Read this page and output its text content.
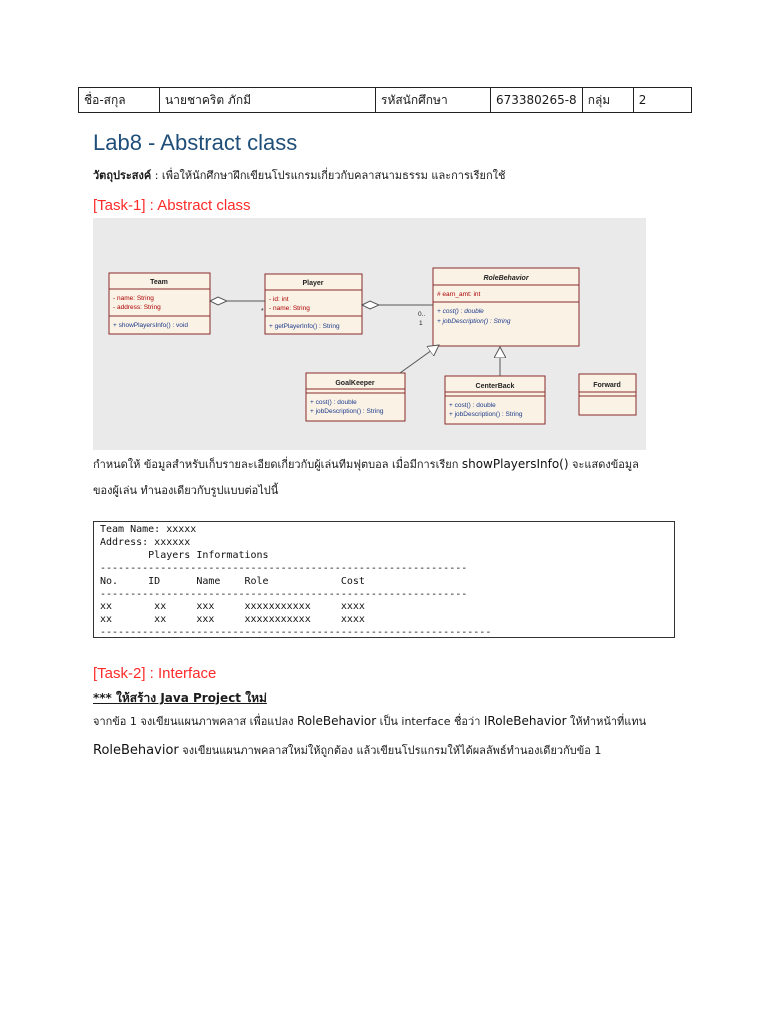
ชื่อ-สกุล	นายชาคริต ภักมี	รหัสนักศึกษา	673380265-8	กลุ่ม	2
Lab8 - Abstract class
วัตถุประสงค์ : เพื่อให้นักศึกษาฝึกเขียนโปรแกรมเกี่ยวกับคลาสนามธรรม และการเรียกใช้
[Task-1] : Abstract class
Team
- name: String
- address: String
+ showPlayersInfo() : void
Player
- id: int
- name: String
+ getPlayerInfo() : String
RoleBehavior
# earn_amt: int
+ cost() : double
+ jobDescription() : String
GoalKeeper
+ cost() : double
+ jobDescription() : String
CenterBack
+ cost() : double
+ jobDescription() : String
Forward
*	0..
1
กำหนดให้ ข้อมูลสำหรับเก็บรายละเอียดเกี่ยวกับผู้เล่นทีมฟุตบอล เมื่อมีการเรียก showPlayersInfo() จะแสดงข้อมูล
ของผู้เล่น ทำนองเดียวกับรูปแบบต่อไปนี้
Team Name: xxxxx
Address: xxxxxx
Players Informations
-------------------------------------------------------------
No.     ID      Name    Role            Cost
-------------------------------------------------------------
xx       xx     xxx     xxxxxxxxxxx     xxxx
xx       xx     xxx     xxxxxxxxxxx     xxxx
-----------------------------------------------------------------
[Task-2] : Interface
*** ให้สร้าง Java Project ใหม่
จากข้อ 1 จงเขียนแผนภาพคลาส เพื่อแปลง RoleBehavior เป็น interface ชื่อว่า IRoleBehavior ให้ทำหน้าที่แทน
RoleBehavior จงเขียนแผนภาพคลาสใหม่ให้ถูกต้อง แล้วเขียนโปรแกรมให้ได้ผลลัพธ์ทำนองเดียวกับข้อ 1
